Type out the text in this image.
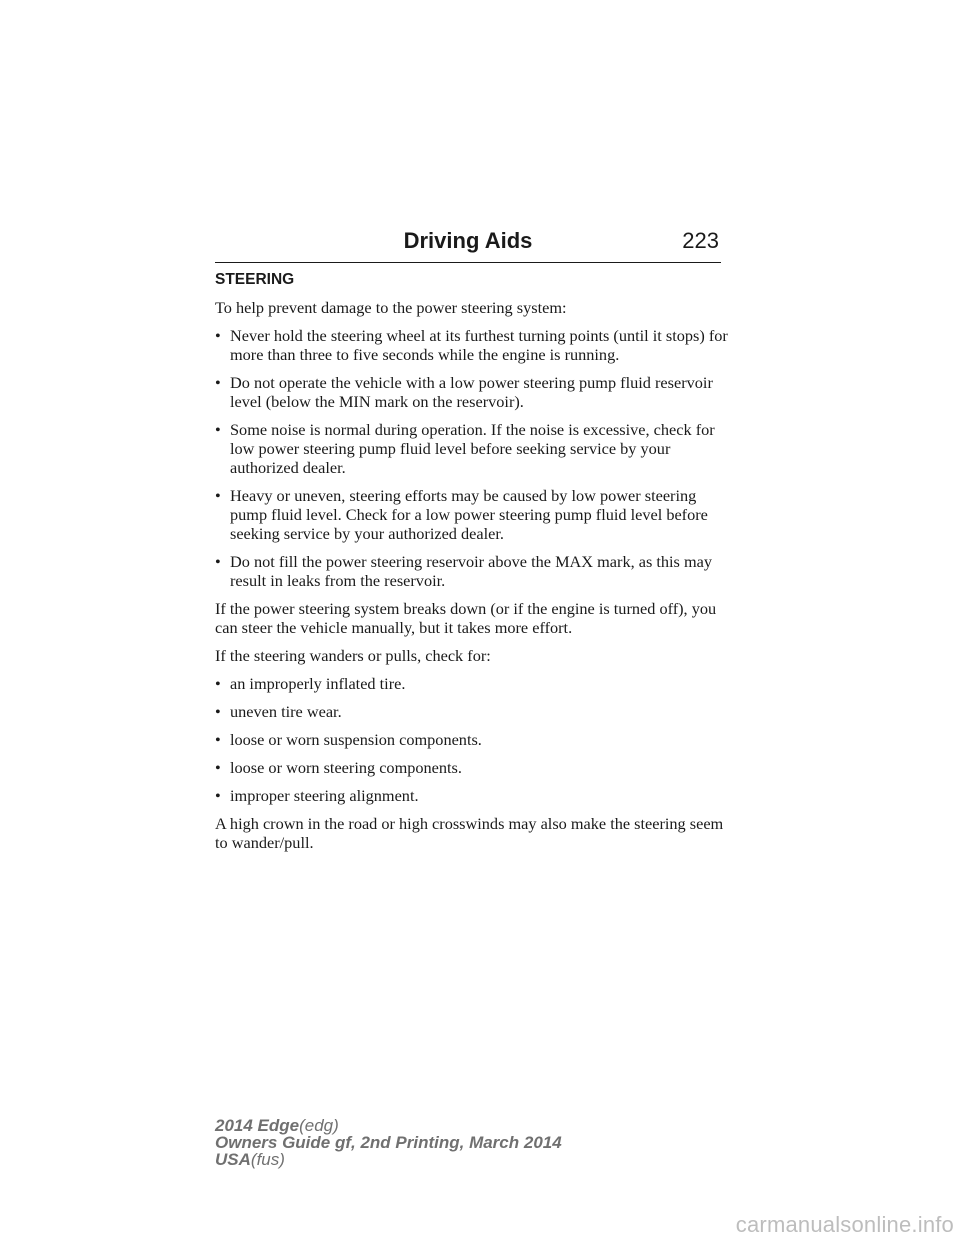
Driving Aids	223
STEERING

To help prevent damage to the power steering system:

• Never hold the steering wheel at its furthest turning points (until it stops) for more than three to five seconds while the engine is running.
• Do not operate the vehicle with a low power steering pump fluid reservoir level (below the MIN mark on the reservoir).
• Some noise is normal during operation. If the noise is excessive, check for low power steering pump fluid level before seeking service by your authorized dealer.
• Heavy or uneven, steering efforts may be caused by low power steering pump fluid level. Check for a low power steering pump fluid level before seeking service by your authorized dealer.
• Do not fill the power steering reservoir above the MAX mark, as this may result in leaks from the reservoir.

If the power steering system breaks down (or if the engine is turned off), you can steer the vehicle manually, but it takes more effort.

If the steering wanders or pulls, check for:

• an improperly inflated tire.
• uneven tire wear.
• loose or worn suspension components.
• loose or worn steering components.
• improper steering alignment.

A high crown in the road or high crosswinds may also make the steering seem to wander/pull.

2014 Edge(edg)
Owners Guide gf, 2nd Printing, March 2014
USA(fus)
carmanualsonline.info
